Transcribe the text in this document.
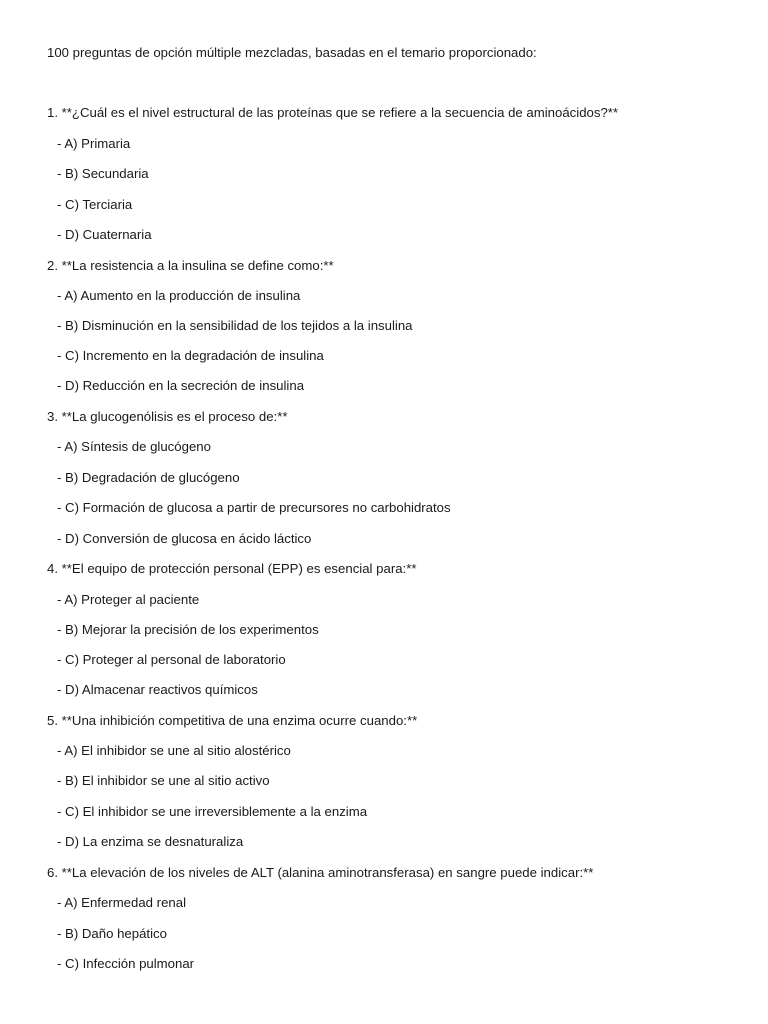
100 preguntas de opción múltiple mezcladas, basadas en el temario proporcionado:
1. **¿Cuál es el nivel estructural de las proteínas que se refiere a la secuencia de aminoácidos?**
- A) Primaria
- B) Secundaria
- C) Terciaria
- D) Cuaternaria
2. **La resistencia a la insulina se define como:**
- A) Aumento en la producción de insulina
- B) Disminución en la sensibilidad de los tejidos a la insulina
- C) Incremento en la degradación de insulina
- D) Reducción en la secreción de insulina
3. **La glucogenólisis es el proceso de:**
- A) Síntesis de glucógeno
- B) Degradación de glucógeno
- C) Formación de glucosa a partir de precursores no carbohidratos
- D) Conversión de glucosa en ácido láctico
4. **El equipo de protección personal (EPP) es esencial para:**
- A) Proteger al paciente
- B) Mejorar la precisión de los experimentos
- C) Proteger al personal de laboratorio
- D) Almacenar reactivos químicos
5. **Una inhibición competitiva de una enzima ocurre cuando:**
- A) El inhibidor se une al sitio alostérico
- B) El inhibidor se une al sitio activo
- C) El inhibidor se une irreversiblemente a la enzima
- D) La enzima se desnaturaliza
6. **La elevación de los niveles de ALT (alanina aminotransferasa) en sangre puede indicar:**
- A) Enfermedad renal
- B) Daño hepático
- C) Infección pulmonar
